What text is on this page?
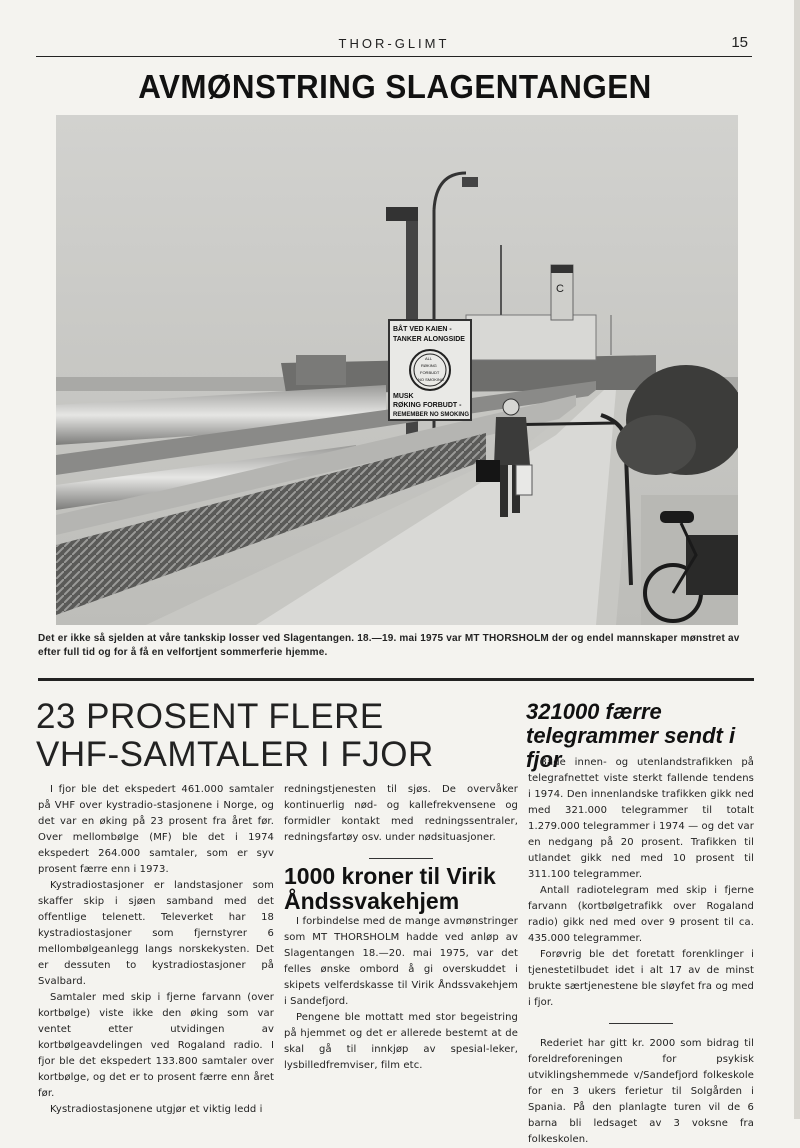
THOR-GLIMT	15
AVMØNSTRING SLAGENTANGEN
C
BÅT VED KAIEN -
TANKER ALONGSIDE
ALL
RØKING
FORBUDT
NO SMOKING
MUSK
RØKING FORBUDT -
REMEMBER NO SMOKING
Det er ikke så sjelden at våre tankskip losser ved Slagentangen. 18.—19. mai 1975 var MT THORSHOLM der og endel mannskaper mønstret av efter full tid og for å få en velfortjent sommerferie hjemme.
23 PROSENT FLERE
VHF-SAMTALER I FJOR

I fjor ble det ekspedert 461.000 samtaler på VHF over kystradio-stasjonene i Norge, og det var en øking på 23 prosent fra året før. Over mellombølge (MF) ble det i 1974 ekspedert 264.000 samtaler, som er syv prosent færre enn i 1973.

Kystradiostasjoner er landstasjoner som skaffer skip i sjøen samband med det offentlige telenett. Televerket har 18 kystradiostasjoner som fjernstyrer 6 mellombølgeanlegg langs norskekysten. Det er dessuten to kystradiostasjoner på Svalbard.

Samtaler med skip i fjerne farvann (over kortbølge) viste ikke den øking som var ventet etter utvidingen av kortbølgeavdelingen ved Rogaland radio. I fjor ble det ekspedert 133.800 samtaler over kortbølge, og det er to prosent færre enn året før.

Kystradiostasjonene utgjør et viktig ledd i

redningstjenesten til sjøs. De overvåker kontinuerlig nød- og kallefrekvensene og formidler kontakt med redningssentraler, redningsfartøy osv. under nødsituasjoner.

1000 kroner til Virik Åndssvakehjem

I forbindelse med de mange avmønstringer som MT THORSHOLM hadde ved anløp av Slagentangen 18.—20. mai 1975, var det felles ønske ombord å gi overskuddet i skipets velferdskasse til Virik Åndssvakehjem i Sandefjord.

Pengene ble mottatt med stor begeistring på hjemmet og det er allerede bestemt at de skal gå til innkjøp av spesial-leker, lysbilledfremviser, film etc.

321000 færre telegrammer sendt i fjor

Både innen- og utenlandstrafikken på telegrafnettet viste sterkt fallende tendens i 1974. Den innenlandske trafikken gikk ned med 321.000 telegrammer til totalt 1.279.000 telegrammer i 1974 — og det var en nedgang på 20 prosent. Trafikken til utlandet gikk ned med 10 prosent til 311.100 telegrammer.

Antall radiotelegram med skip i fjerne farvann (kortbølgetrafikk over Rogaland radio) gikk ned med over 9 prosent til ca. 435.000 telegrammer.

Forøvrig ble det foretatt forenklinger i tjenestetilbudet idet i alt 17 av de minst brukte særtjenestene ble sløyfet fra og med i fjor.

Rederiet har gitt kr. 2000 som bidrag til foreldreforeningen for psykisk utviklingshemmede v/Sandefjord folkeskole for en 3 ukers ferietur til Solgården i Spania. På den planlagte turen vil de 6 barna bli ledsaget av 3 voksne fra folkeskolen.
